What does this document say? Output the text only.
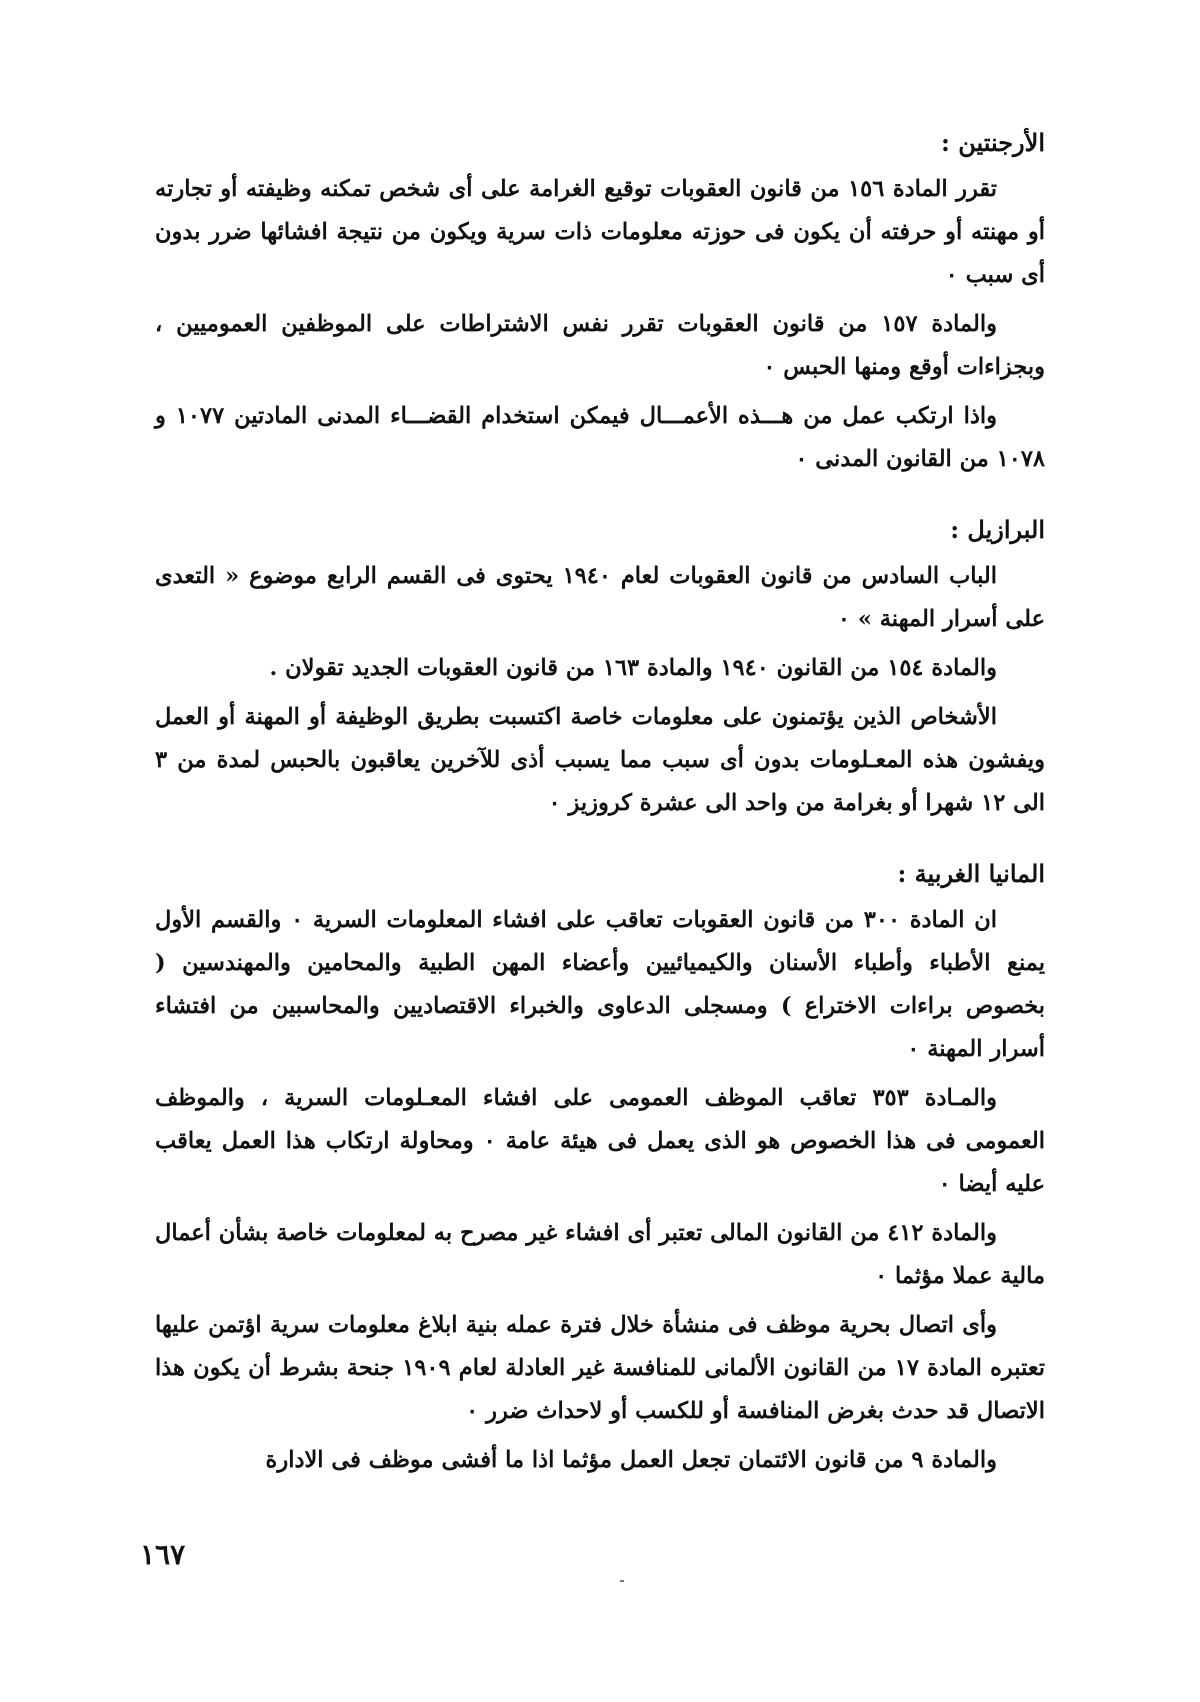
الأرجنتين :

تقرر المادة ١٥٦ من قانون العقوبات توقيع الغرامة على أى شخص تمكنه وظيفته أو تجارته أو مهنته أو حرفته أن يكون فى حوزته معلومات ذات سرية ويكون من نتيجة افشائها ضرر بدون أى سبب ٠

والمادة ١٥٧ من قانون العقوبات تقرر نفس الاشتراطات على الموظفين العموميين ، وبجزاءات أوقع ومنها الحبس ٠

واذا ارتكب عمل من هـــذه الأعمـــال فيمكن استخدام القضـــاء المدنى المادتين ١٠٧٧ و ١٠٧٨ من القانون المدنى ٠

البرازيل :

الباب السادس من قانون العقوبات لعام ١٩٤٠ يحتوى فى القسم الرابع موضوع « التعدى على أسرار المهنة » ٠

والمادة ١٥٤ من القانون ١٩٤٠ والمادة ١٦٣ من قانون العقوبات الجديد تقولان .

الأشخاص الذين يؤتمنون على معلومات خاصة اكتسبت بطريق الوظيفة أو المهنة أو العمل ويفشون هذه المعـلومات بدون أى سبب مما يسبب أذى للآخرين يعاقبون بالحبس لمدة من ٣ الى ١٢ شهرا أو بغرامة من واحد الى عشرة كروزيز ٠

المانيا الغربية :

ان المادة ٣٠٠ من قانون العقوبات تعاقب على افشاء المعلومات السرية ٠ والقسم الأول يمنع الأطباء وأطباء الأسنان والكيميائيين وأعضاء المهن الطبية والمحامين والمهندسين ( بخصوص براءات الاختراع ) ومسجلى الدعاوى والخبراء الاقتصاديين والمحاسبين من افتشاء أسرار المهنة ٠

والمـادة ٣٥٣ تعاقب الموظف العمومى على افشاء المعـلومات السرية ، والموظف العمومى فى هذا الخصوص هو الذى يعمل فى هيئة عامة ٠ ومحاولة ارتكاب هذا العمل يعاقب عليه أيضا ٠

والمادة ٤١٢ من القانون المالى تعتبر أى افشاء غير مصرح به لمعلومات خاصة بشأن أعمال مالية عملا مؤثما ٠

وأى اتصال بحرية موظف فى منشأة خلال فترة عمله بنية ابلاغ معلومات سرية اؤتمن عليها تعتبره المادة ١٧ من القانون الألمانى للمنافسة غير العادلة لعام ١٩٠٩ جنحة بشرط أن يكون هذا الاتصال قد حدث بغرض المنافسة أو للكسب أو لاحداث ضرر ٠

والمادة ٩ من قانون الائتمان تجعل العمل مؤثما اذا ما أفشى موظف فى الادارة

١٦٧
